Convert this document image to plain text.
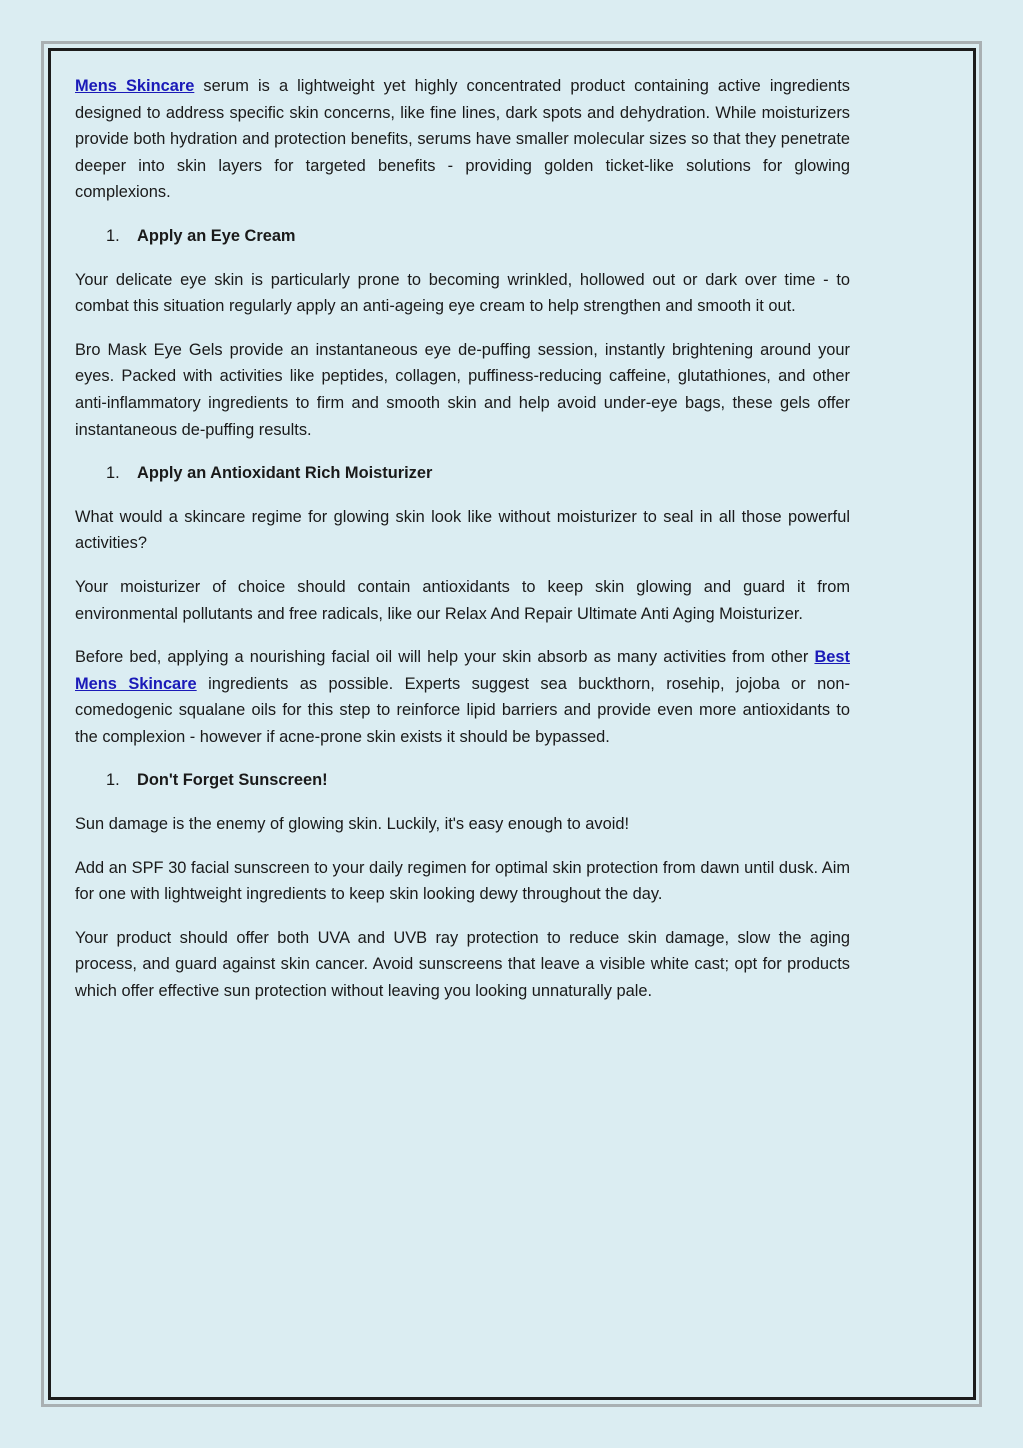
Mens Skincare serum is a lightweight yet highly concentrated product containing active ingredients designed to address specific skin concerns, like fine lines, dark spots and dehydration. While moisturizers provide both hydration and protection benefits, serums have smaller molecular sizes so that they penetrate deeper into skin layers for targeted benefits - providing golden ticket-like solutions for glowing complexions.

1.	Apply an Eye Cream

Your delicate eye skin is particularly prone to becoming wrinkled, hollowed out or dark over time - to combat this situation regularly apply an anti-ageing eye cream to help strengthen and smooth it out.

Bro Mask Eye Gels provide an instantaneous eye de-puffing session, instantly brightening around your eyes. Packed with activities like peptides, collagen, puffiness-reducing caffeine, glutathiones, and other anti-inflammatory ingredients to firm and smooth skin and help avoid under-eye bags, these gels offer instantaneous de-puffing results.

1.	Apply an Antioxidant Rich Moisturizer

What would a skincare regime for glowing skin look like without moisturizer to seal in all those powerful activities?

Your moisturizer of choice should contain antioxidants to keep skin glowing and guard it from environmental pollutants and free radicals, like our Relax And Repair Ultimate Anti Aging Moisturizer.

Before bed, applying a nourishing facial oil will help your skin absorb as many activities from other Best Mens Skincare ingredients as possible. Experts suggest sea buckthorn, rosehip, jojoba or non-comedogenic squalane oils for this step to reinforce lipid barriers and provide even more antioxidants to the complexion - however if acne-prone skin exists it should be bypassed.

1.	Don't Forget Sunscreen!

Sun damage is the enemy of glowing skin. Luckily, it's easy enough to avoid!

Add an SPF 30 facial sunscreen to your daily regimen for optimal skin protection from dawn until dusk. Aim for one with lightweight ingredients to keep skin looking dewy throughout the day.

Your product should offer both UVA and UVB ray protection to reduce skin damage, slow the aging process, and guard against skin cancer. Avoid sunscreens that leave a visible white cast; opt for products which offer effective sun protection without leaving you looking unnaturally pale.
